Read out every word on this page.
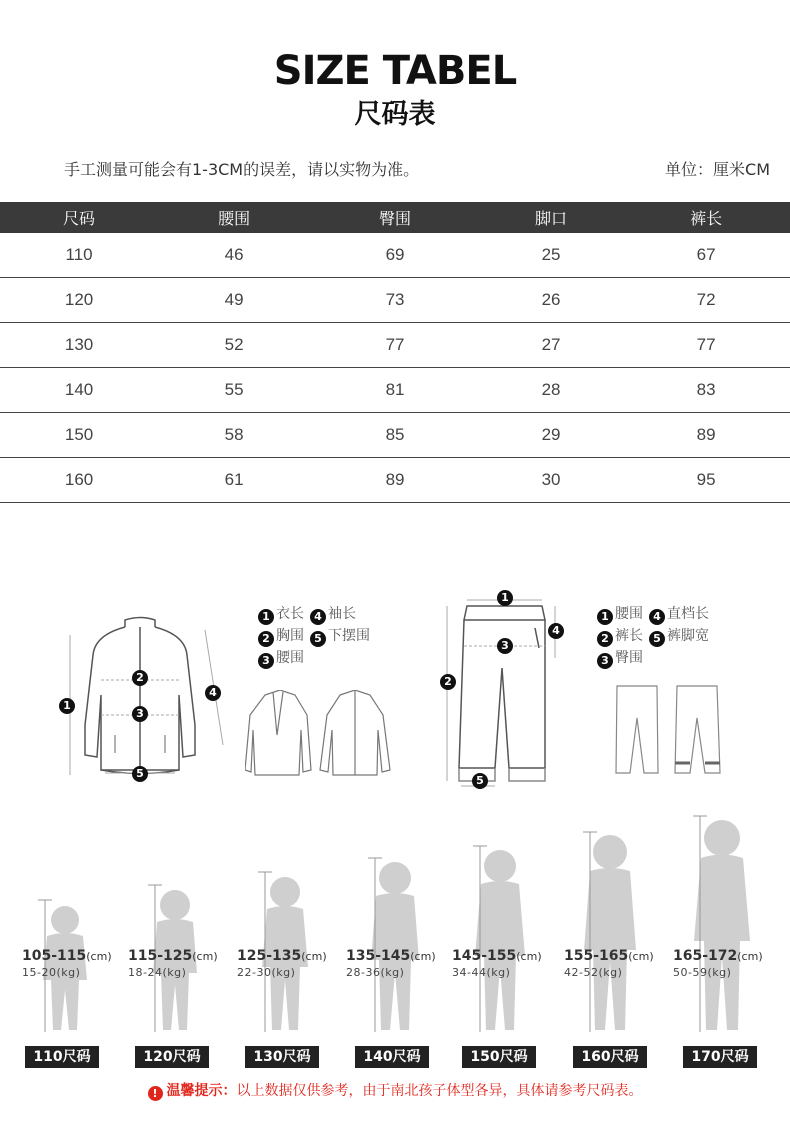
SIZE TABEL
尺码表
手工测量可能会有1-3CM的误差，请以实物为准。	单位：厘米CM
尺码	腰围	臀围	脚口	裤长
110	46	69	25	67
120	49	73	26	72
130	52	77	27	77
140	55	81	28	83
150	58	85	29	89
160	61	89	30	95
1
2
3
4
5
1 衣长 4 袖长
2 胸围 5 下摆围
3 腰围
1
2
3
4
5
1 腰围 4 直档长
2 裤长 5 裤脚宽
3 臀围
105-115(cm)
15-20(kg)
110尺码
115-125(cm)
18-24(kg)
120尺码
125-135(cm)
22-30(kg)
130尺码
135-145(cm)
28-36(kg)
140尺码
145-155(cm)
34-44(kg)
150尺码
155-165(cm)
42-52(kg)
160尺码
165-172(cm)
50-59(kg)
170尺码
! 温馨提示：以上数据仅供参考，由于南北孩子体型各异，具体请参考尺码表。
